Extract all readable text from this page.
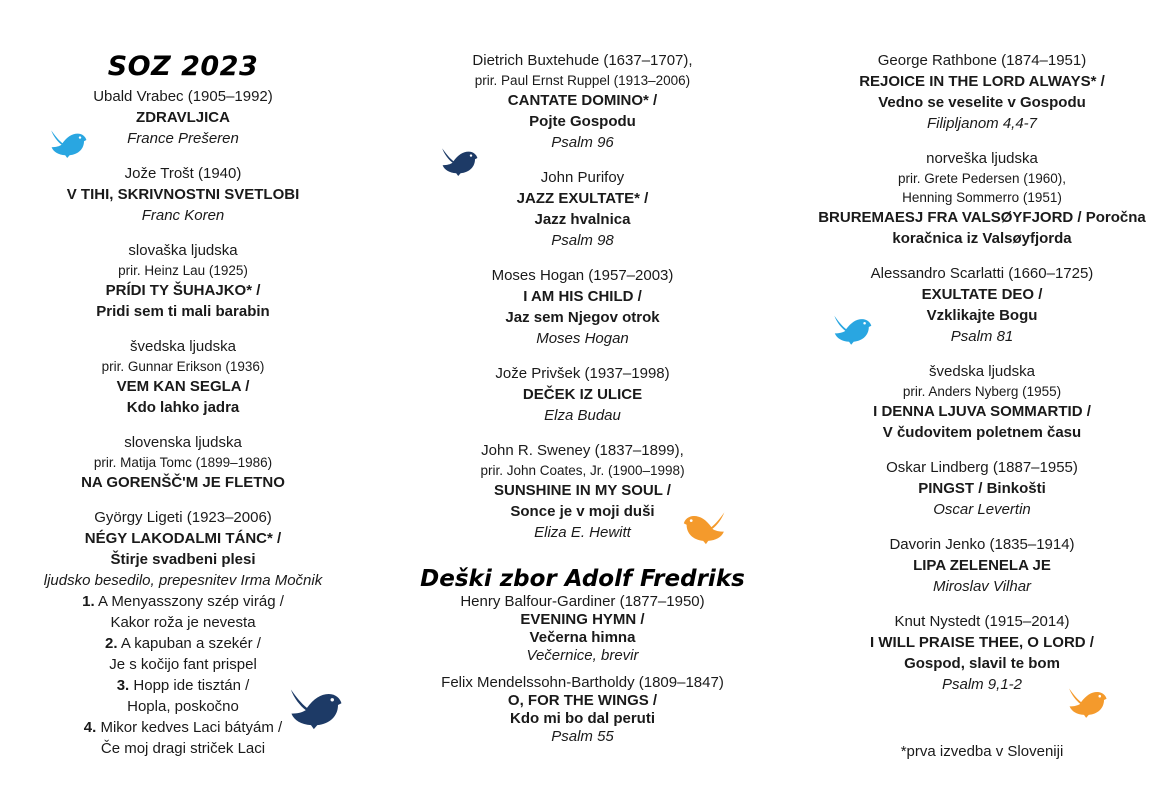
SOZ 2023
Ubald Vrabec (1905–1992)
ZDRAVLJICA
France Prešeren
Jože Trošt (1940)
V TIHI, SKRIVNOSTNI SVETLOBI
Franc Koren
slovaška ljudska
prir. Heinz Lau (1925)
PRÍDI TY ŠUHAJKO* /
Pridi sem ti mali barabin
švedska ljudska
prir. Gunnar Erikson (1936)
VEM KAN SEGLA /
Kdo lahko jadra
slovenska ljudska
prir. Matija Tomc (1899–1986)
NA GORENŠČ'M JE FLETNO
György Ligeti (1923–2006)
NÉGY LAKODALMI TÁNC* /
Štirje svadbeni plesi
ljudsko besedilo, prepesnitev Irma Močnik
1. A Menyasszony szép virág /
Kakor roža je nevesta
2. A kapuban a szekér /
Je s kočijo fant prispel
3. Hopp ide tisztán /
Hopla, poskočno
4. Mikor kedves Laci bátyám /
Če moj dragi striček Laci
Dietrich Buxtehude (1637–1707),
prir. Paul Ernst Ruppel (1913–2006)
CANTATE DOMINO* /
Pojte Gospodu
Psalm 96
John Purifoy
JAZZ EXULTATE* /
Jazz hvalnica
Psalm 98
Moses Hogan (1957–2003)
I AM HIS CHILD /
Jaz sem Njegov otrok
Moses Hogan
Jože Privšek (1937–1998)
DEČEK IZ ULICE
Elza Budau
John R. Sweney (1837–1899),
prir. John Coates, Jr. (1900–1998)
SUNSHINE IN MY SOUL /
Sonce je v moji duši
Eliza E. Hewitt
Deški zbor Adolf Fredriks
Henry Balfour-Gardiner (1877–1950)
EVENING HYMN /
Večerna himna
Večernice, brevir
Felix Mendelssohn-Bartholdy (1809–1847)
O, FOR THE WINGS /
Kdo mi bo dal peruti
Psalm 55
George Rathbone (1874–1951)
REJOICE IN THE LORD ALWAYS* /
Vedno se veselite v Gospodu
Filipljanom 4,4-7
norveška ljudska
prir. Grete Pedersen (1960),
Henning Sommerro (1951)
BRUREMAESJ FRA VALSØYFJORD / Poročna
koračnica iz Valsøyfjorda
Alessandro Scarlatti (1660–1725)
EXULTATE DEO /
Vzklikajte Bogu
Psalm 81
švedska ljudska
prir. Anders Nyberg (1955)
I DENNA LJUVA SOMMARTID /
V čudovitem poletnem času
Oskar Lindberg (1887–1955)
PINGST / Binkošti
Oscar Levertin
Davorin Jenko (1835–1914)
LIPA ZELENELA JE
Miroslav Vilhar
Knut Nystedt (1915–2014)
I WILL PRAISE THEE, O LORD /
Gospod, slavil te bom
Psalm 9,1-2
*prva izvedba v Sloveniji
